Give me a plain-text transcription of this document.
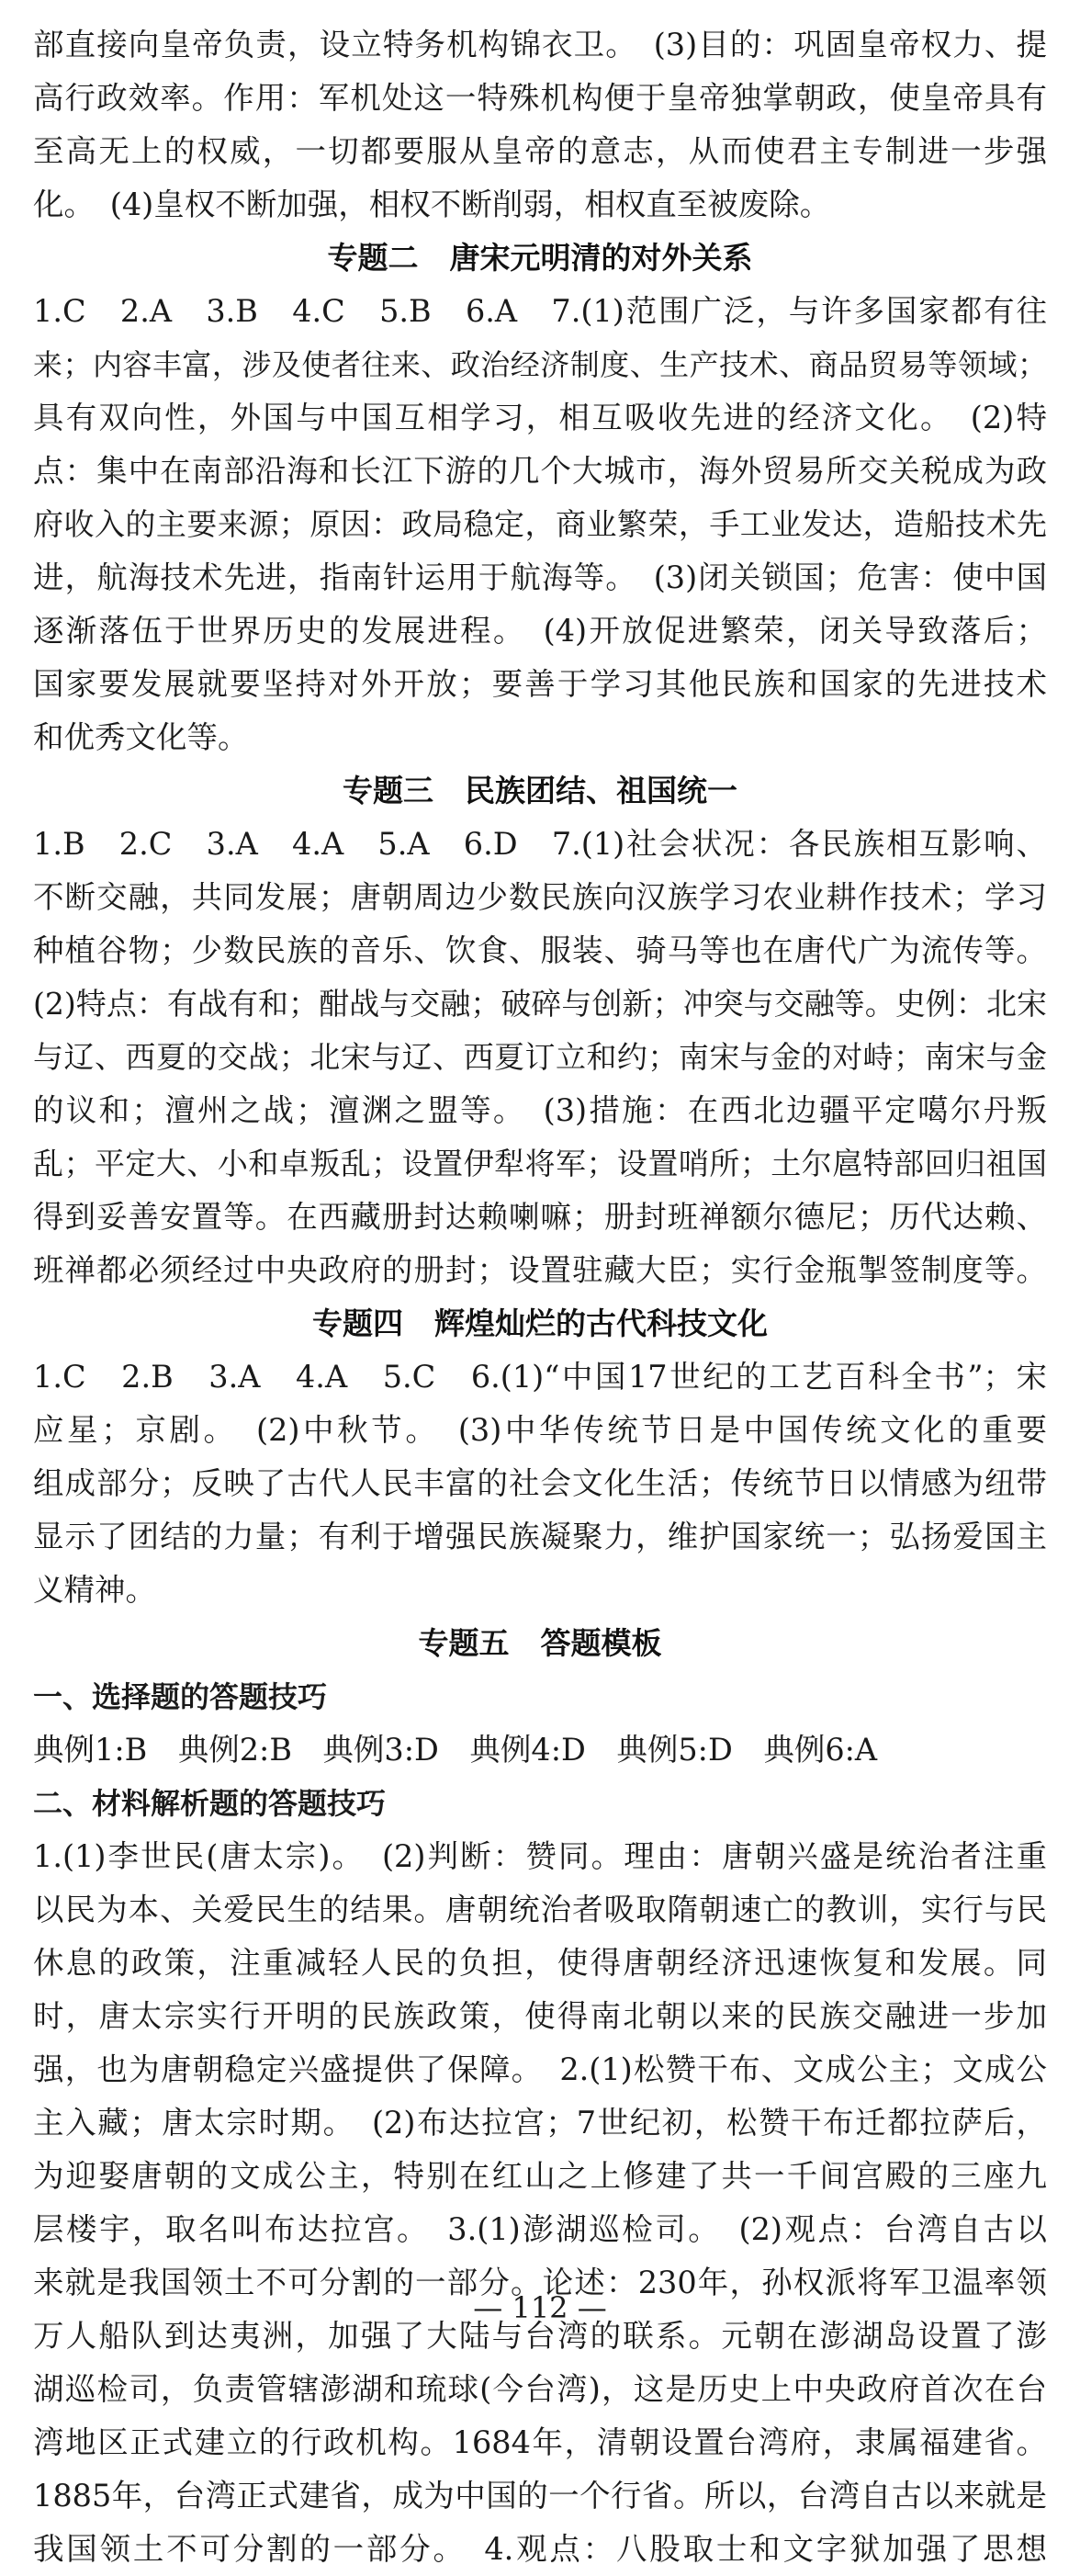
部直接向皇帝负责，设立特务机构锦衣卫。　(3)目的：巩固皇帝权力、提
高行政效率。作用：军机处这一特殊机构便于皇帝独掌朝政，使皇帝具有
至高无上的权威，一切都要服从皇帝的意志，从而使君主专制进一步强
化。　(4)皇权不断加强，相权不断削弱，相权直至被废除。
专题二 唐宋元明清的对外关系
1.C　2.A　3.B　4.C　5.B　6.A　7.(1)范围广泛，与许多国家都有往
来；内容丰富，涉及使者往来、政治经济制度、生产技术、商品贸易等领域；
具有双向性，外国与中国互相学习，相互吸收先进的经济文化。　(2)特
点：集中在南部沿海和长江下游的几个大城市，海外贸易所交关税成为政
府收入的主要来源；原因：政局稳定，商业繁荣，手工业发达，造船技术先
进，航海技术先进，指南针运用于航海等。　(3)闭关锁国；危害：使中国
逐渐落伍于世界历史的发展进程。　(4)开放促进繁荣，闭关导致落后；
国家要发展就要坚持对外开放；要善于学习其他民族和国家的先进技术
和优秀文化等。
专题三 民族团结、祖国统一
1.B　2.C　3.A　4.A　5.A　6.D　7.(1)社会状况：各民族相互影响、
不断交融，共同发展；唐朝周边少数民族向汉族学习农业耕作技术；学习
种植谷物；少数民族的音乐、饮食、服装、骑马等也在唐代广为流传等。
(2)特点：有战有和；酣战与交融；破碎与创新；冲突与交融等。史例：北宋
与辽、西夏的交战；北宋与辽、西夏订立和约；南宋与金的对峙；南宋与金
的议和；澶州之战；澶渊之盟等。　(3)措施：在西北边疆平定噶尔丹叛
乱；平定大、小和卓叛乱；设置伊犁将军；设置哨所；土尔扈特部回归祖国
得到妥善安置等。在西藏册封达赖喇嘛；册封班禅额尔德尼；历代达赖、
班禅都必须经过中央政府的册封；设置驻藏大臣；实行金瓶掣签制度等。
专题四 辉煌灿烂的古代科技文化
1.C　2.B　3.A　4.A　5.C　6.(1)“中国17世纪的工艺百科全书”；宋
应星；京剧。　(2)中秋节。　(3)中华传统节日是中国传统文化的重要
组成部分；反映了古代人民丰富的社会文化生活；传统节日以情感为纽带
显示了团结的力量；有利于增强民族凝聚力，维护国家统一；弘扬爱国主
义精神。
专题五 答题模板
一、选择题的答题技巧
典例1:B　典例2:B　典例3:D　典例4:D　典例5:D　典例6:A
二、材料解析题的答题技巧
1.(1)李世民(唐太宗)。　(2)判断：赞同。理由：唐朝兴盛是统治者注重
以民为本、关爱民生的结果。唐朝统治者吸取隋朝速亡的教训，实行与民
休息的政策，注重减轻人民的负担，使得唐朝经济迅速恢复和发展。同
时，唐太宗实行开明的民族政策，使得南北朝以来的民族交融进一步加
强，也为唐朝稳定兴盛提供了保障。　2.(1)松赞干布、文成公主；文成公
主入藏；唐太宗时期。　(2)布达拉宫；7世纪初，松赞干布迁都拉萨后，
为迎娶唐朝的文成公主，特别在红山之上修建了共一千间宫殿的三座九
层楼宇，取名叫布达拉宫。　3.(1)澎湖巡检司。　(2)观点：台湾自古以
来就是我国领土不可分割的一部分。论述：230年，孙权派将军卫温率领
万人船队到达夷洲，加强了大陆与台湾的联系。元朝在澎湖岛设置了澎
湖巡检司，负责管辖澎湖和琉球(今台湾)，这是历史上中央政府首次在台
湾地区正式建立的行政机构。1684年，清朝设置台湾府，隶属福建省。
1885年，台湾正式建省，成为中国的一个行省。所以，台湾自古以来就是
我国领土不可分割的一部分。　4.观点：八股取士和文字狱加强了思想
— 112 —
